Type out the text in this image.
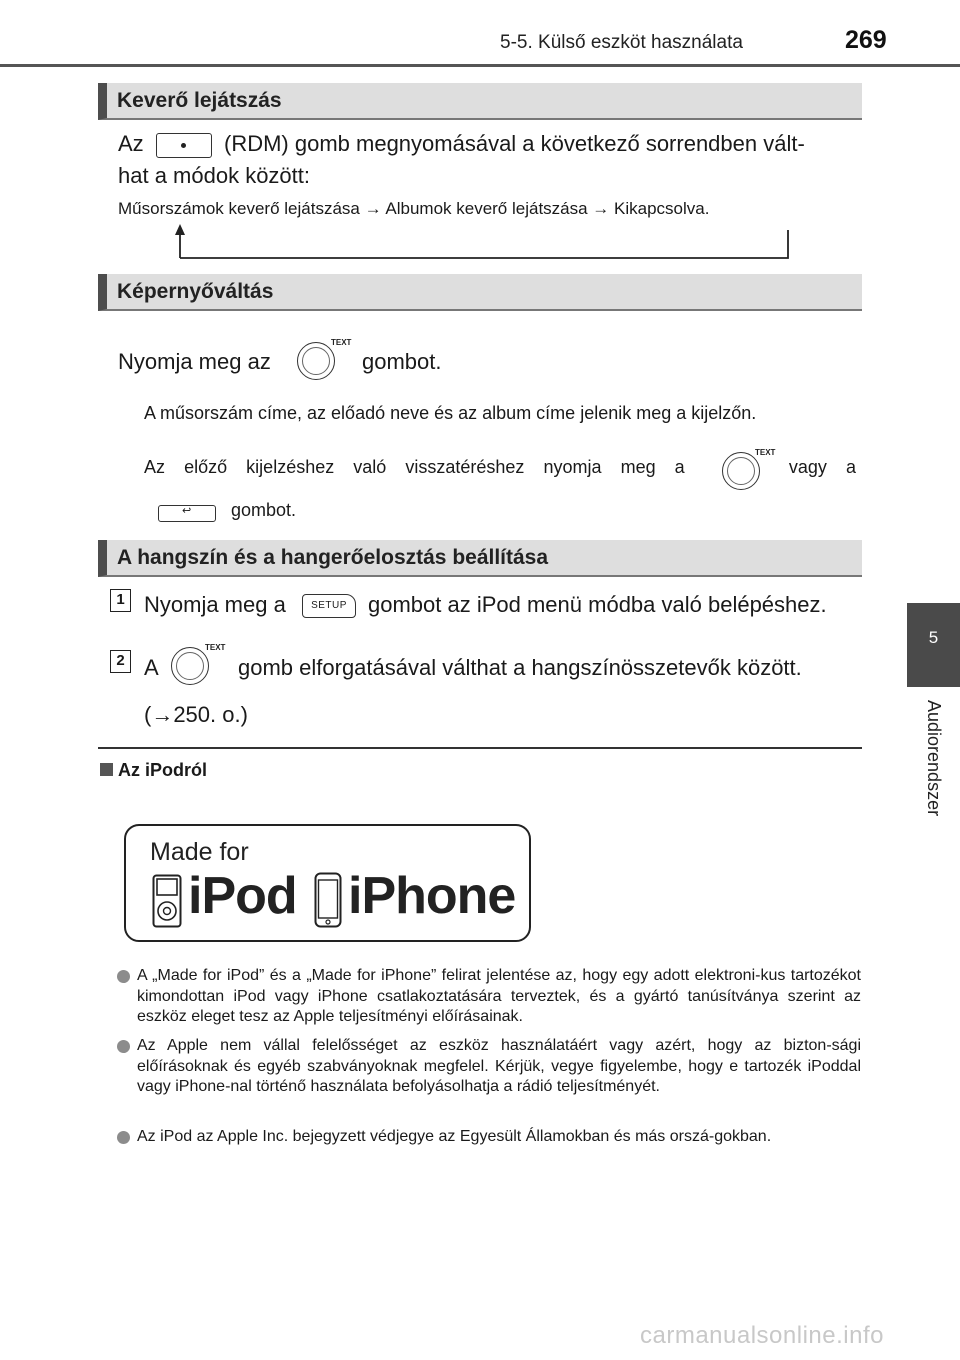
5-5. Külső eszköt használata	269
5
Audiorendszer
Keverő lejátszás
Az	(RDM) gomb megnyomásával a következő sorrendben vált-
hat a módok között:
Műsorszámok keverő lejátszása → Albumok keverő lejátszása → Kikapcsolva.
Képernyőváltás
Nyomja meg az
TEXT
gombot.
A műsorszám címe, az előadó neve és az album címe jelenik meg a kijelzőn.
Az előző kijelzéshez való visszatéréshez nyomja meg a	vagy a
TEXT
↩ gombot.
A hangszín és a hangerőelosztás beállítása
1 Nyomja meg a	SETUP gombot az iPod menü módba való belépéshez.
2 A
TEXT
gomb elforgatásával válthat a hangszínösszetevők között.
(→250. o.)
Az iPodról
Made for
iPod iPhone
A „Made for iPod” és a „Made for iPhone” felirat jelentése az, hogy egy adott elektroni-kus tartozékot kimondottan iPod vagy iPhone csatlakoztatására terveztek, és a gyártó tanúsítványa szerint az eszköz eleget tesz az Apple teljesítményi előírásainak.
Az Apple nem vállal felelősséget az eszköz használatáért vagy azért, hogy az bizton-sági előírásoknak és egyéb szabványoknak megfelel. Kérjük, vegye figyelembe, hogy e tartozék iPoddal vagy iPhone-nal történő használata befolyásolhatja a rádió teljesítményét.
Az iPod az Apple Inc. bejegyzett védjegye az Egyesült Államokban és más orszá-gokban.
carmanualsonline.info
